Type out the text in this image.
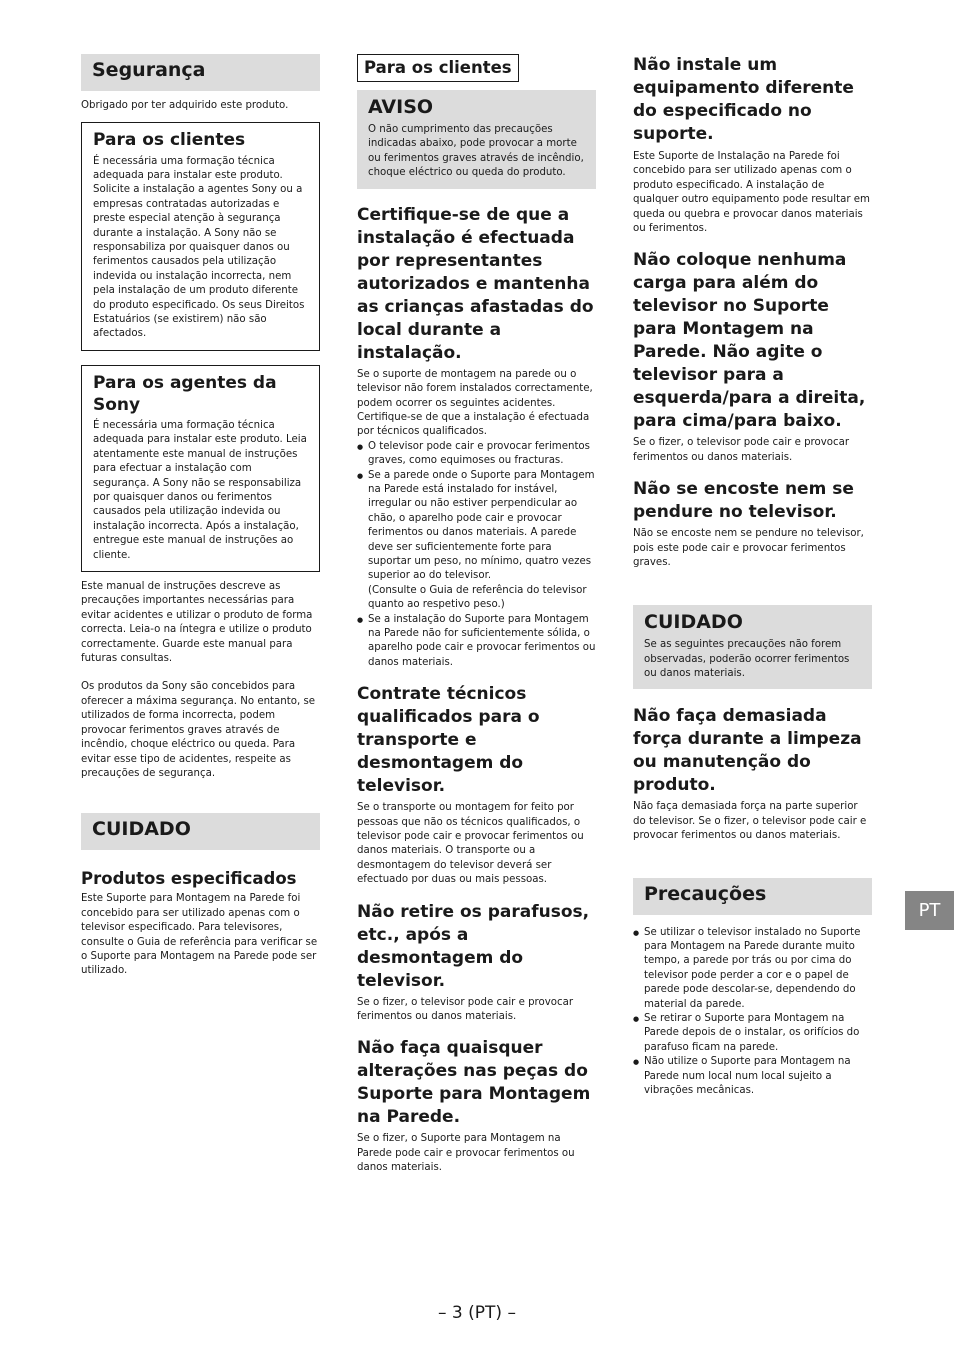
Segurança

Obrigado por ter adquirido este produto.

Para os clientes

É necessária uma formação técnica adequada para instalar este produto. Solicite a instalação a agentes Sony ou a empresas contratadas autorizadas e preste especial atenção à segurança durante a instalação. A Sony não se responsabiliza por quaisquer danos ou ferimentos causados pela utilização indevida ou instalação incorrecta, nem pela instalação de um produto diferente do produto especificado. Os seus Direitos Estatuários (se existirem) não são afectados.

Para os agentes da Sony

É necessária uma formação técnica adequada para instalar este produto. Leia atentamente este manual de instruções para efectuar a instalação com segurança. A Sony não se responsabiliza por quaisquer danos ou ferimentos causados pela utilização indevida ou instalação incorrecta. Após a instalação, entregue este manual de instruções ao cliente.

Este manual de instruções descreve as precauções importantes necessárias para evitar acidentes e utilizar o produto de forma correcta. Leia-o na íntegra e utilize o produto correctamente. Guarde este manual para futuras consultas.

Os produtos da Sony são concebidos para oferecer a máxima segurança. No entanto, se utilizados de forma incorrecta, podem provocar ferimentos graves através de incêndio, choque eléctrico ou queda. Para evitar esse tipo de acidentes, respeite as precauções de segurança.

CUIDADO

Produtos especificados

Este Suporte para Montagem na Parede foi concebido para ser utilizado apenas com o televisor especificado. Para televisores, consulte o Guia de referência para verificar se o Suporte para Montagem na Parede pode ser utilizado.

Para os clientes

AVISO

O não cumprimento das precauções indicadas abaixo, pode provocar a morte ou ferimentos graves através de incêndio, choque eléctrico ou queda do produto.

Certifique-se de que a instalação é efectuada por representantes autorizados e mantenha as crianças afastadas do local durante a instalação.

Se o suporte de montagem na parede ou o televisor não forem instalados correctamente, podem ocorrer os seguintes acidentes. Certifique-se de que a instalação é efectuada por técnicos qualificados.

● O televisor pode cair e provocar ferimentos graves, como equimoses ou fracturas.
● Se a parede onde o Suporte para Montagem na Parede está instalado for instável, irregular ou não estiver perpendicular ao chão, o aparelho pode cair e provocar ferimentos ou danos materiais. A parede deve ser suficientemente forte para suportar um peso, no mínimo, quatro vezes superior ao do televisor.
(Consulte o Guia de referência do televisor quanto ao respetivo peso.)
● Se a instalação do Suporte para Montagem na Parede não for suficientemente sólida, o aparelho pode cair e provocar ferimentos ou danos materiais.

Contrate técnicos qualificados para o transporte e desmontagem do televisor.

Se o transporte ou montagem for feito por pessoas que não os técnicos qualificados, o televisor pode cair e provocar ferimentos ou danos materiais. O transporte ou a desmontagem do televisor deverá ser efectuado por duas ou mais pessoas.

Não retire os parafusos, etc., após a desmontagem do televisor.

Se o fizer, o televisor pode cair e provocar ferimentos ou danos materiais.

Não faça quaisquer alterações nas peças do Suporte para Montagem na Parede.

Se o fizer, o Suporte para Montagem na Parede pode cair e provocar ferimentos ou danos materiais.

Não instale um equipamento diferente do especificado no suporte.

Este Suporte de Instalação na Parede foi concebido para ser utilizado apenas com o produto especificado. A instalação de qualquer outro equipamento pode resultar em queda ou quebra e provocar danos materiais ou ferimentos.

Não coloque nenhuma carga para além do televisor no Suporte para Montagem na Parede. Não agite o televisor para a esquerda/para a direita, para cima/para baixo.

Se o fizer, o televisor pode cair e provocar ferimentos ou danos materiais.

Não se encoste nem se pendure no televisor.

Não se encoste nem se pendure no televisor, pois este pode cair e provocar ferimentos graves.

CUIDADO

Se as seguintes precauções não forem observadas, poderão ocorrer ferimentos ou danos materiais.

Não faça demasiada força durante a limpeza ou manutenção do produto.

Não faça demasiada força na parte superior do televisor. Se o fizer, o televisor pode cair e provocar ferimentos ou danos materiais.

Precauções
● Se utilizar o televisor instalado no Suporte para Montagem na Parede durante muito tempo, a parede por trás ou por cima do televisor pode perder a cor e o papel de parede pode descolar-se, dependendo do material da parede.
● Se retirar o Suporte para Montagem na Parede depois de o instalar, os orifícios do parafuso ficam na parede.
● Não utilize o Suporte para Montagem na Parede num local num local sujeito a vibrações mecânicas.
PT
– 3 (PT) –
